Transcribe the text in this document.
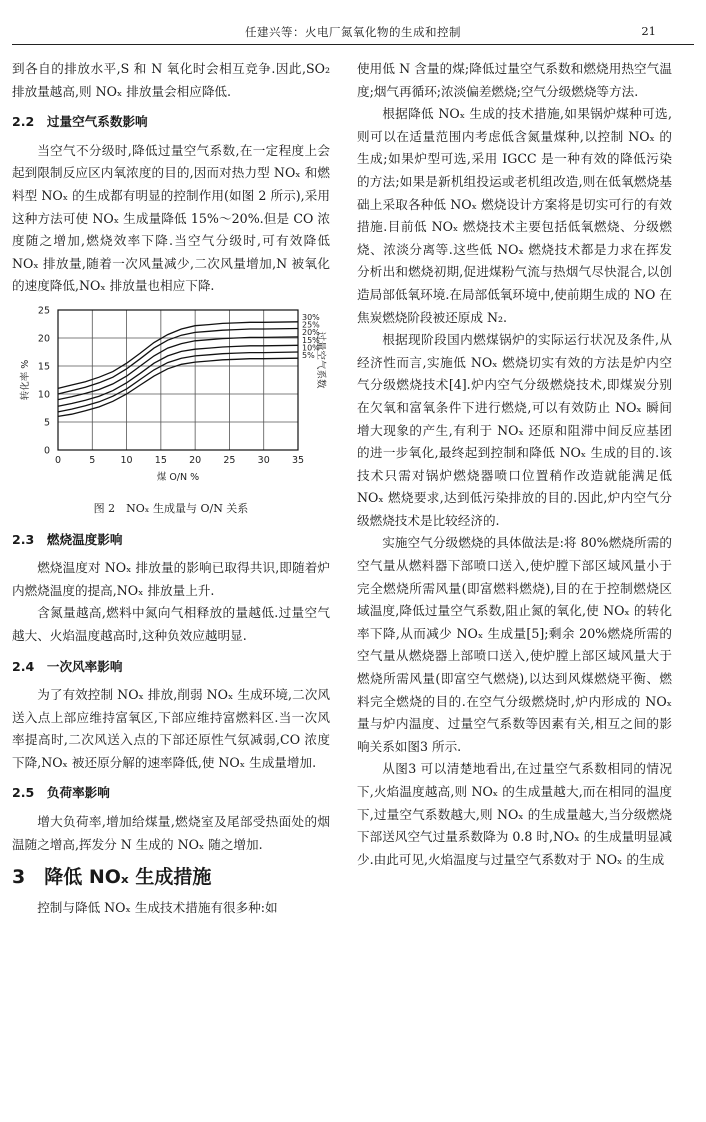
任建兴等：火电厂氮氧化物的生成和控制	21

到各自的排放水平,S 和 N 氧化时会相互竞争.因此,SO₂ 排放量越高,则 NOₓ 排放量会相应降低.

2.2　过量空气系数影响

当空气不分级时,降低过量空气系数,在一定程度上会起到限制反应区内氧浓度的目的,因而对热力型 NOₓ 和燃料型 NOₓ 的生成都有明显的控制作用(如图 2 所示),采用这种方法可使 NOₓ 生成量降低 15%～20%.但是 CO 浓度随之增加,燃烧效率下降.当空气分级时,可有效降低 NOₓ 排放量,随着一次风量减少,二次风量增加,N 被氧化的速度降低,NOₓ 排放量也相应下降.

0	5	10 15 20 25 30 35
0
5
10
15
20
25
煤 O/N %
转化率 %	过量空气系数
30%
25%
20%
15%
10%
5%
图 2　NOₓ 生成量与 O/N 关系
2.3　燃烧温度影响

燃烧温度对 NOₓ 排放量的影响已取得共识,即随着炉内燃烧温度的提高,NOₓ 排放量上升.

含氮量越高,燃料中氮向气相释放的量越低.过量空气越大、火焰温度越高时,这种负效应越明显.

2.4　一次风率影响

为了有效控制 NOₓ 排放,削弱 NOₓ 生成环境,二次风送入点上部应维持富氧区,下部应维持富燃料区.当一次风率提高时,二次风送入点的下部还原性气氛减弱,CO 浓度下降,NOₓ 被还原分解的速率降低,使 NOₓ 生成量增加.

2.5　负荷率影响

增大负荷率,增加给煤量,燃烧室及尾部受热面处的烟温随之增高,挥发分 N 生成的 NOₓ 随之增加.

3　降低 NOₓ 生成措施

控制与降低 NOₓ 生成技术措施有很多种:如

使用低 N 含量的煤;降低过量空气系数和燃烧用热空气温度;烟气再循环;浓淡偏差燃烧;空气分级燃烧等方法.

根据降低 NOₓ 生成的技术措施,如果锅炉煤种可选,则可以在适量范围内考虑低含氮量煤种,以控制 NOₓ 的生成;如果炉型可选,采用 IGCC 是一种有效的降低污染的方法;如果是新机组投运或老机组改造,则在低氧燃烧基础上采取各种低 NOₓ 燃烧设计方案将是切实可行的有效措施.目前低 NOₓ 燃烧技术主要包括低氧燃烧、分级燃烧、浓淡分离等.这些低 NOₓ 燃烧技术都是力求在挥发分析出和燃烧初期,促进煤粉气流与热烟气尽快混合,以创造局部低氧环境.在局部低氧环境中,使前期生成的 NO 在焦炭燃烧阶段被还原成 N₂.

根据现阶段国内燃煤锅炉的实际运行状况及条件,从经济性而言,实施低 NOₓ 燃烧切实有效的方法是炉内空气分级燃烧技术[4].炉内空气分级燃烧技术,即煤炭分别在欠氧和富氧条件下进行燃烧,可以有效防止 NOₓ 瞬间增大现象的产生,有利于 NOₓ 还原和阻滞中间反应基团的进一步氧化,最终起到控制和降低 NOₓ 生成的目的.该技术只需对锅炉燃烧器喷口位置稍作改造就能满足低 NOₓ 燃烧要求,达到低污染排放的目的.因此,炉内空气分级燃烧技术是比较经济的.

实施空气分级燃烧的具体做法是:将 80%燃烧所需的空气量从燃料器下部喷口送入,使炉膛下部区域风量小于完全燃烧所需风量(即富燃料燃烧),目的在于控制燃烧区域温度,降低过量空气系数,阻止氮的氧化,使 NOₓ 的转化率下降,从而减少 NOₓ 生成量[5];剩余 20%燃烧所需的空气量从燃烧器上部喷口送入,使炉膛上部区域风量大于燃烧所需风量(即富空气燃烧),以达到风煤燃烧平衡、燃料完全燃烧的目的.在空气分级燃烧时,炉内形成的 NOₓ 量与炉内温度、过量空气系数等因素有关,相互之间的影响关系如图3 所示.

从图3 可以清楚地看出,在过量空气系数相同的情况下,火焰温度越高,则 NOₓ 的生成量越大,而在相同的温度下,过量空气系数越大,则 NOₓ 的生成量越大,当分级燃烧下部送风空气过量系数降为 0.8 时,NOₓ 的生成量明显减少.由此可见,火焰温度与过量空气系数对于 NOₓ 的生成
